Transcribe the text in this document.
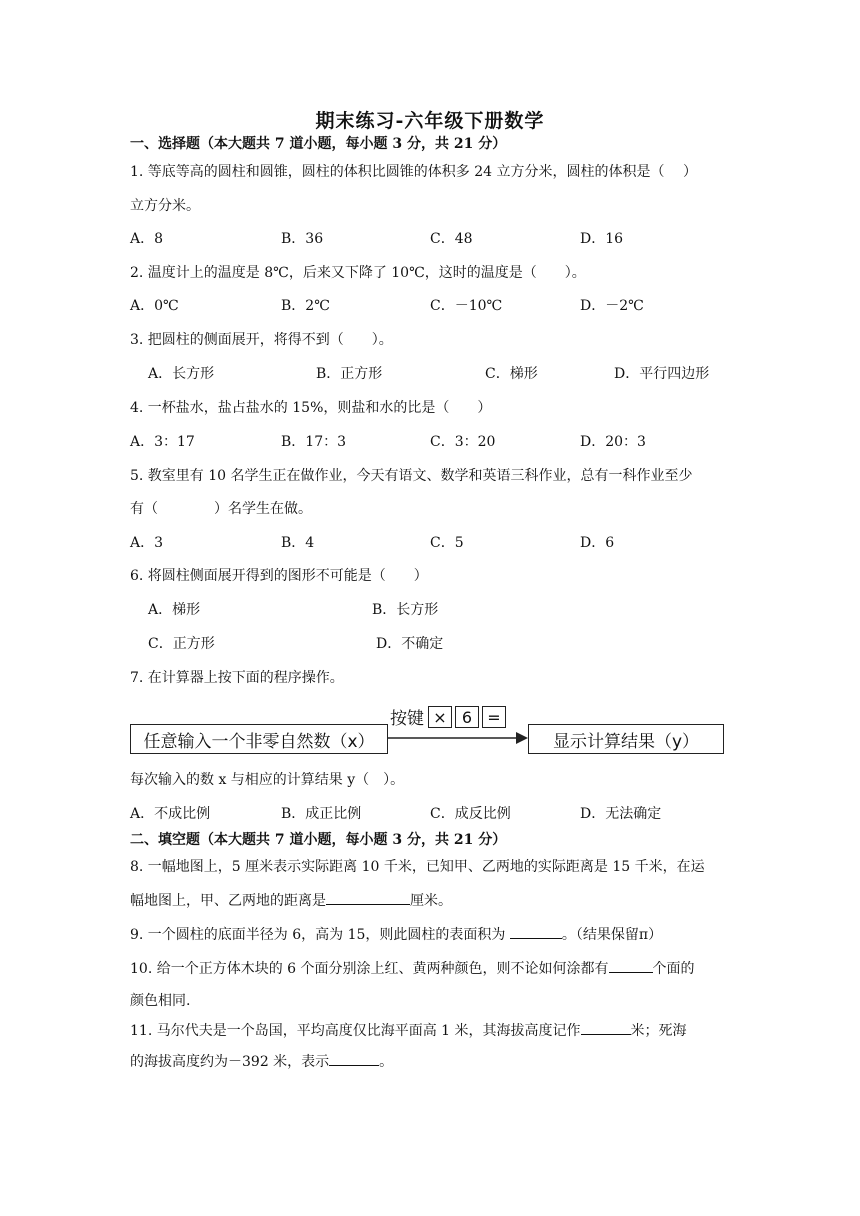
期末练习-六年级下册数学
一、选择题（本大题共 7 道小题，每小题 3 分，共 21 分）
1. 等底等高的圆柱和圆锥，圆柱的体积比圆锥的体积多 24 立方分米，圆柱的体积是（　 ）
立方分米。
A．8	B．36	C．48	D．16
2. 温度计上的温度是 8℃，后来又下降了 10℃，这时的温度是（　　）。
A．0℃	B．2℃	C．－10℃	D．－2℃
3. 把圆柱的侧面展开，将得不到（　　）。
A．长方形	B．正方形	C．梯形	D．平行四边形
4. 一杯盐水，盐占盐水的 15%，则盐和水的比是（　　）
A．3：17	B．17：3	C．3：20	D．20：3
5. 教室里有 10 名学生正在做作业，今天有语文、数学和英语三科作业，总有一科作业至少
有（　　　　）名学生在做。
A．3	B．4	C．5	D．6
6. 将圆柱侧面展开得到的图形不可能是（　　）
A．梯形	B．长方形
C．正方形	D．不确定
7. 在计算器上按下面的程序操作。
任意输入一个非零自然数（x）
按键 × 6 =
显示计算结果（y）
每次输入的数 x 与相应的计算结果 y（　）。
A．不成比例	B．成正比例	C．成反比例	D．无法确定
二、填空题（本大题共 7 道小题，每小题 3 分，共 21 分）
8. 一幅地图上，5 厘米表示实际距离 10 千米，已知甲、乙两地的实际距离是 15 千米，在运
幅地图上，甲、乙两地的距离是	厘米。
9. 一个圆柱的底面半径为 6，高为 15，则此圆柱的表面积为	。（结果保留π）
10. 给一个正方体木块的 6 个面分别涂上红、黄两种颜色，则不论如何涂都有	个面的
颜色相同.
11. 马尔代夫是一个岛国，平均高度仅比海平面高 1 米，其海拔高度记作	米；死海
的海拔高度约为－392 米，表示	。
